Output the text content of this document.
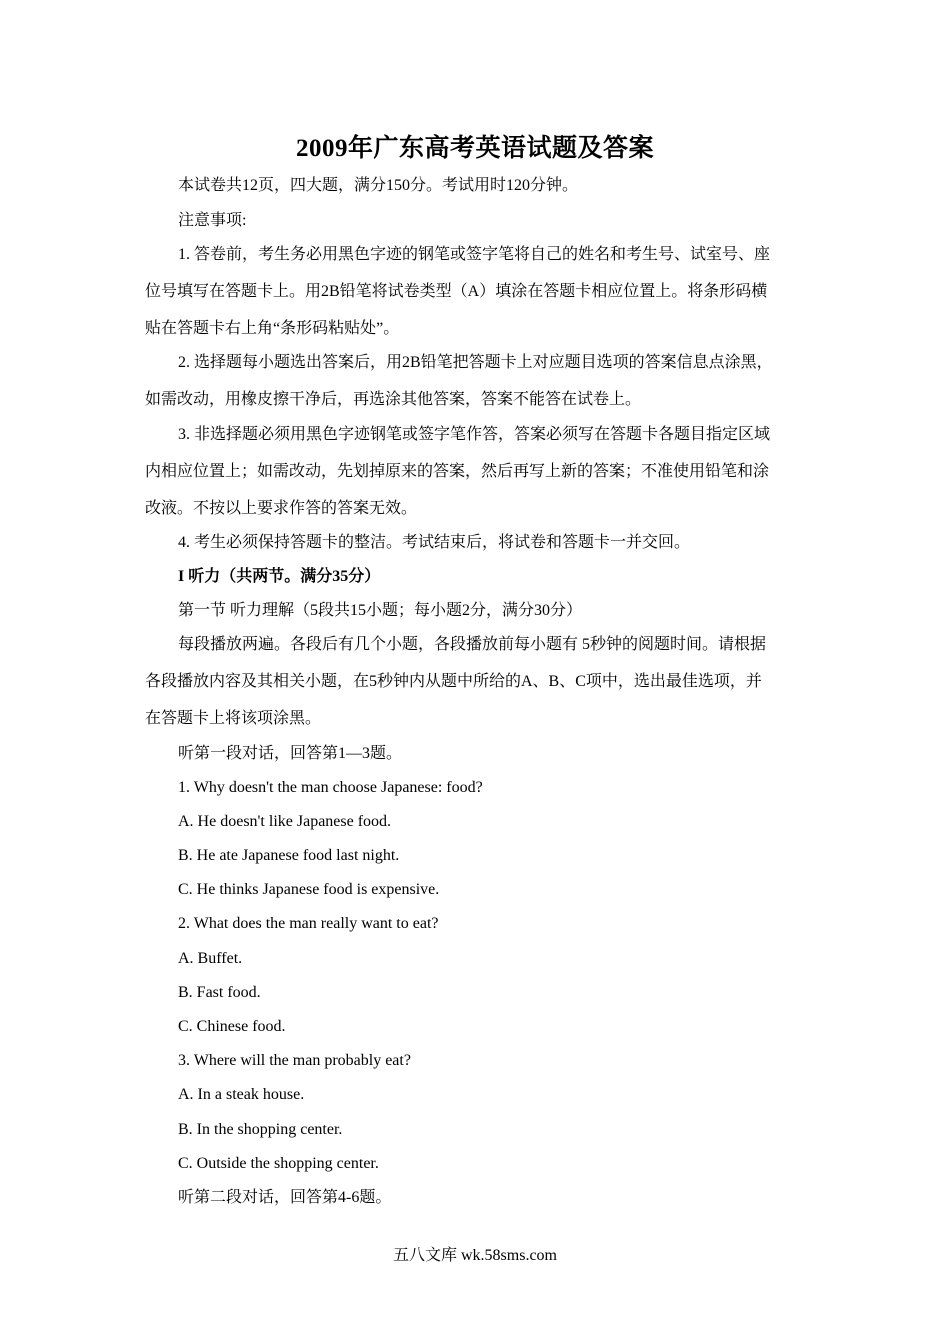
2009年广东高考英语试题及答案
本试卷共12页，四大题，满分150分。考试用时120分钟。
注意事项:
1. 答卷前，考生务必用黑色字迹的钢笔或签字笔将自己的姓名和考生号、试室号、座
位号填写在答题卡上。用2B铅笔将试卷类型（A）填涂在答题卡相应位置上。将条形码横
贴在答题卡右上角“条形码粘贴处”。
2. 选择题每小题选出答案后，用2B铅笔把答题卡上对应题目选项的答案信息点涂黑，
如需改动，用橡皮擦干净后，再选涂其他答案，答案不能答在试卷上。
3. 非选择题必须用黑色字迹钢笔或签字笔作答，答案必须写在答题卡各题目指定区域
内相应位置上；如需改动，先划掉原来的答案，然后再写上新的答案；不准使用铅笔和涂
改液。不按以上要求作答的答案无效。
4. 考生必须保持答题卡的整洁。考试结束后，将试卷和答题卡一并交回。
I 听力（共两节。满分35分）
第一节 听力理解（5段共15小题；每小题2分，满分30分）
每段播放两遍。各段后有几个小题，各段播放前每小题有 5秒钟的阅题时间。请根据
各段播放内容及其相关小题，在5秒钟内从题中所给的A、B、C项中，选出最佳选项，并
在答题卡上将该项涂黑。
听第一段对话，回答第1—3题。
1. Why doesn't the man choose Japanese: food?
A. He doesn't like Japanese food.
B. He ate Japanese food last night.
C. He thinks Japanese food is expensive.
2. What does the man really want to eat?
A. Buffet.
B. Fast food.
C. Chinese food.
3. Where will the man probably eat?
A. In a steak house.
B. In the shopping center.
C. Outside the shopping center.
听第二段对话，回答第4-6题。
五八文库 wk.58sms.com
